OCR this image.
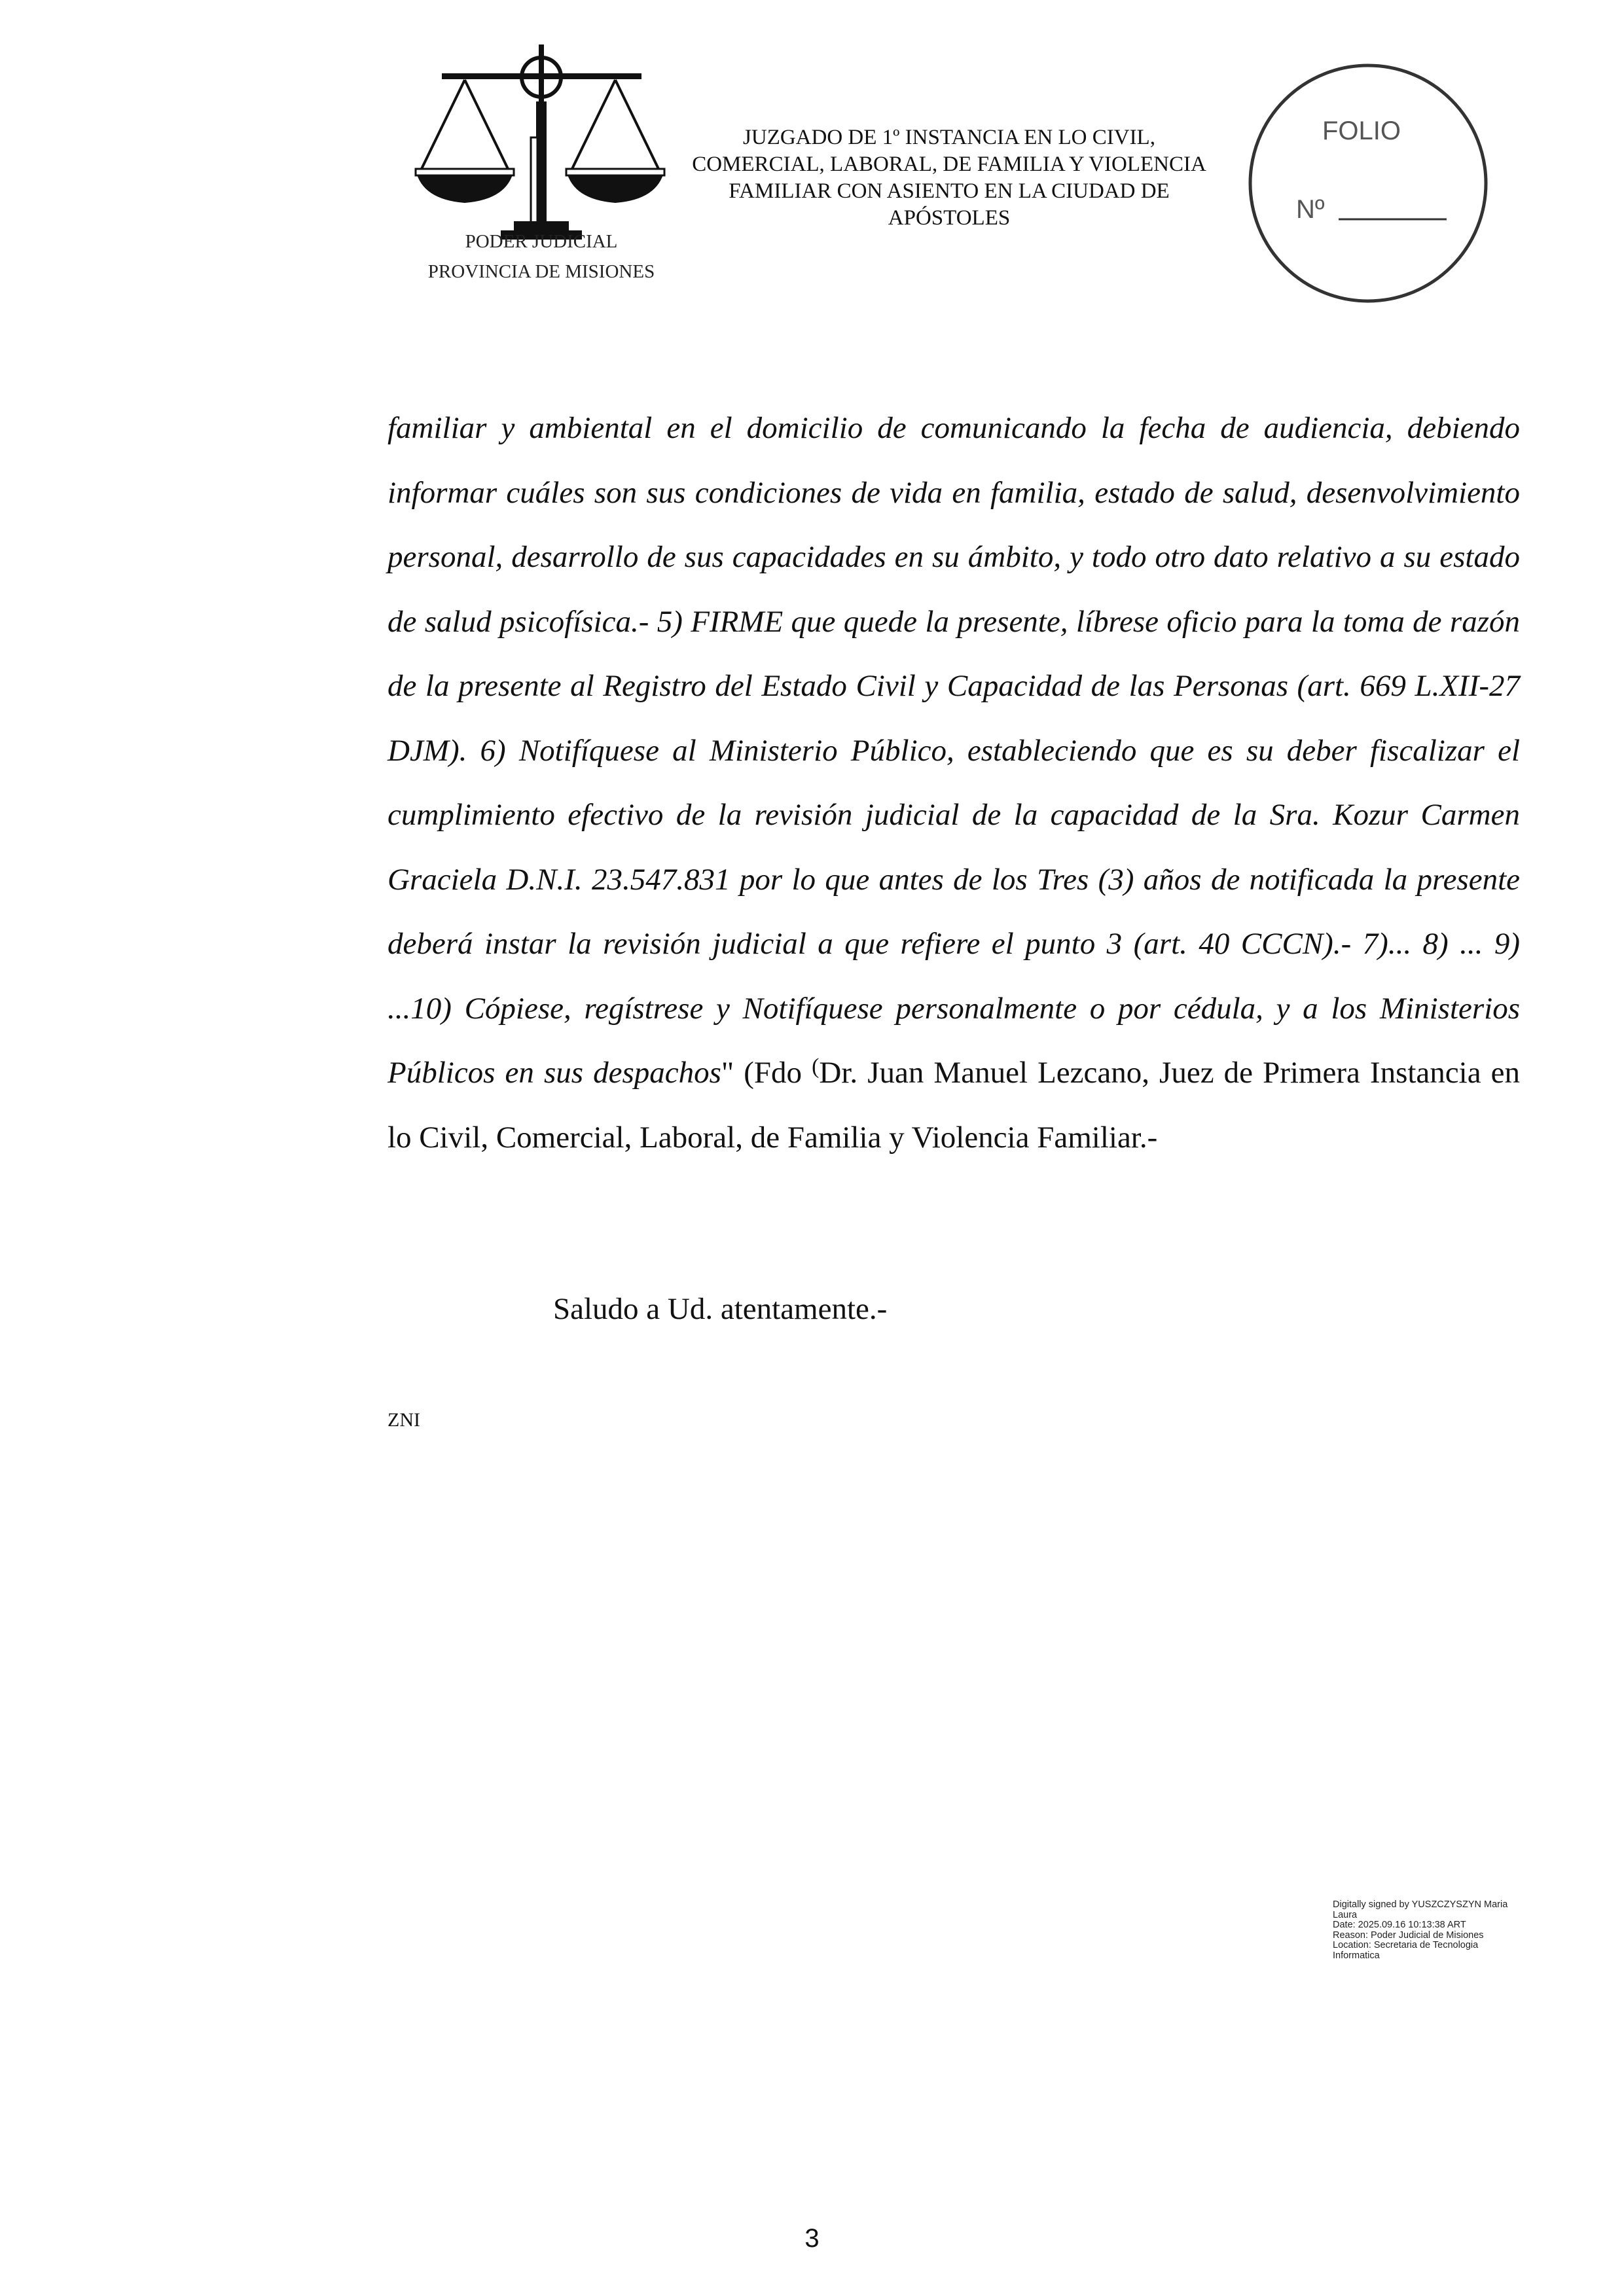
PODER JUDICIAL
PROVINCIA DE MISIONES
JUZGADO DE 1º INSTANCIA EN LO CIVIL,
COMERCIAL, LABORAL, DE FAMILIA Y VIOLENCIA
FAMILIAR CON ASIENTO EN LA CIUDAD DE
APÓSTOLES
FOLIO
Nº

familiar y ambiental en el domicilio de comunicando la fecha de audiencia, debiendo informar cuáles son sus condiciones de vida en familia, estado de salud, desenvolvimiento personal, desarrollo de sus capacidades en su ámbito, y todo otro dato relativo a su estado de salud psicofísica.- 5) FIRME que quede la presente, líbrese oficio para la toma de razón de la presente al Registro del Estado Civil y Capacidad de las Personas (art. 669 L.XII-27 DJM). 6) Notifíquese al Ministerio Público, estableciendo que es su deber fiscalizar el cumplimiento efectivo de la revisión judicial de la capacidad de la Sra. Kozur Carmen Graciela D.N.I. 23.547.831 por lo que antes de los Tres (3) años de notificada la presente deberá instar la revisión judicial a que refiere el punto 3 (art. 40 CCCN).- 7)... 8) ... 9) ...10) Cópiese, regístrese y Notifíquese personalmente o por cédula, y a los Ministerios Públicos en sus despachos" (Fdo (Dr. Juan Manuel Lezcano, Juez de Primera Instancia en lo Civil, Comercial, Laboral, de Familia y Violencia Familiar.-

Saludo a Ud. atentamente.-
ZNI
Digitally signed by YUSZCZYSZYN Maria
Laura
Date: 2025.09.16 10:13:38 ART
Reason: Poder Judicial de Misiones
Location: Secretaria de Tecnologia
Informatica
3
